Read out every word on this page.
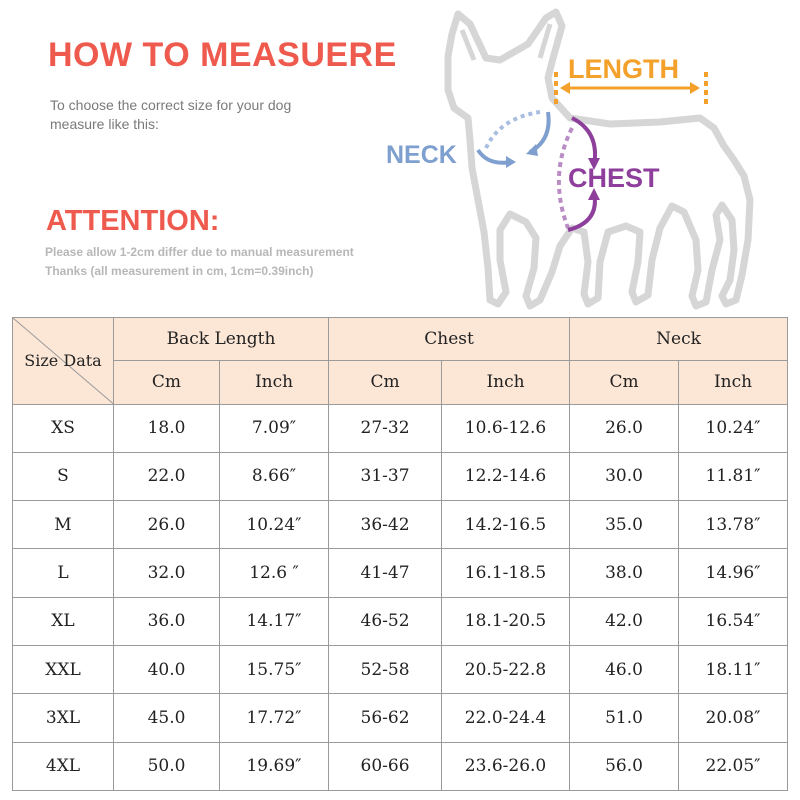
HOW TO MEASUERE
To choose the correct size for your dog
measure like this:
ATTENTION:
Please allow 1-2cm differ due to manual measurement
Thanks (all measurement in cm, 1cm=0.39inch)
LENGTH
NECK
CHEST
Size Data	Back Length		Chest		Neck	
	Cm	Inch	Cm	Inch	Cm	Inch
XS	18.0	7.09″	27-32	10.6-12.6	26.0	10.24″
S	22.0	8.66″	31-37	12.2-14.6	30.0	11.81″
M	26.0	10.24″	36-42	14.2-16.5	35.0	13.78″
L	32.0	12.6 ″	41-47	16.1-18.5	38.0	14.96″
XL	36.0	14.17″	46-52	18.1-20.5	42.0	16.54″
XXL	40.0	15.75″	52-58	20.5-22.8	46.0	18.11″
3XL	45.0	17.72″	56-62	22.0-24.4	51.0	20.08″
4XL	50.0	19.69″	60-66	23.6-26.0	56.0	22.05″
